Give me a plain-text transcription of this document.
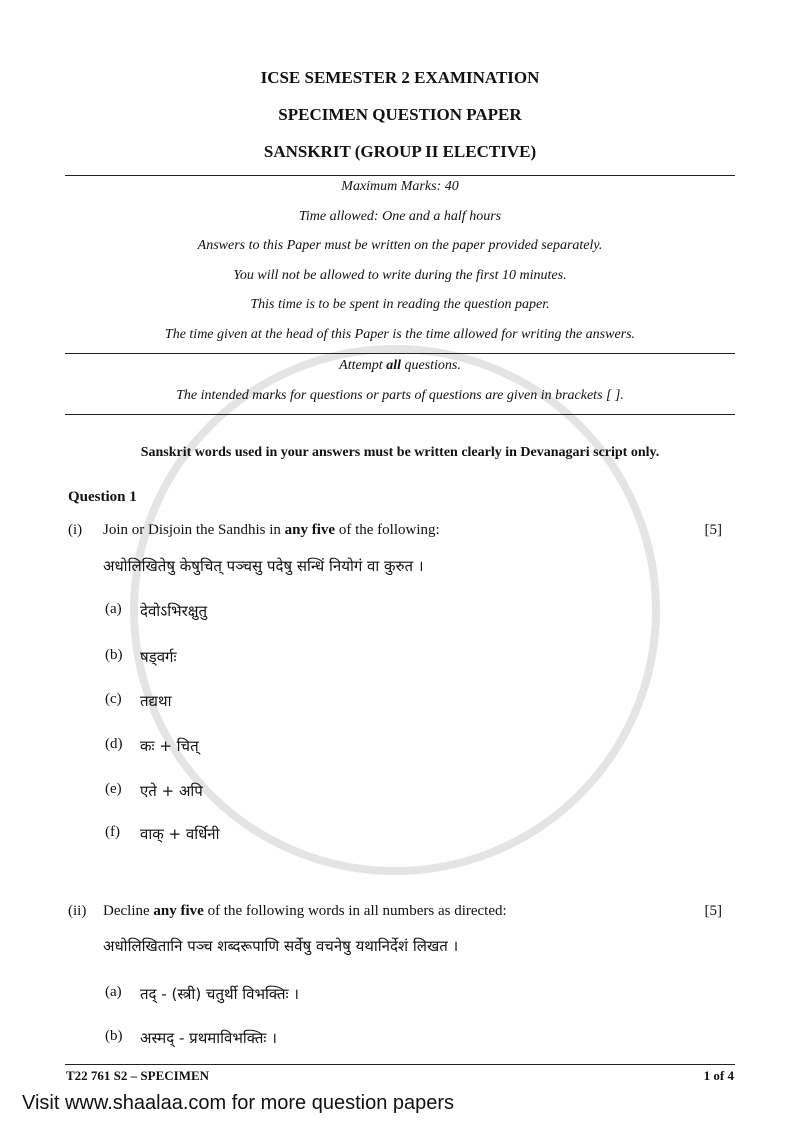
ICSE SEMESTER 2 EXAMINATION
SPECIMEN QUESTION PAPER
SANSKRIT (GROUP II ELECTIVE)
Maximum Marks: 40
Time allowed: One and a half hours
Answers to this Paper must be written on the paper provided separately.
You will not be allowed to write during the first 10 minutes.
This time is to be spent in reading the question paper.
The time given at the head of this Paper is the time allowed for writing the answers.
Attempt all questions.
The intended marks for questions or parts of questions are given in brackets [ ].
Sanskrit words used in your answers must be written clearly in Devanagari script only.
Question 1
(i) Join or Disjoin the Sandhis in any five of the following:	[5]
अधोलिखितेषु केषुचित् पञ्चसु पदेषु सन्धिं नियोगं वा कुरुत ।
(a) देवोऽभिरक्षुतु
(b) षड्वर्गः
(c) तद्यथा
(d) कः + चित्
(e) एते + अपि
(f) वाक् + वर्धिनी
(ii) Decline any five of the following words in all numbers as directed:	[5]
अधोलिखितानि पञ्च शब्दरूपाणि सर्वेषु वचनेषु यथानिर्देशं लिखत ।
(a) तद् - (स्त्री) चतुर्थी विभक्तिः ।
(b) अस्मद् - प्रथमाविभक्तिः ।
T22 761 S2 – SPECIMEN	1 of 4
Visit www.shaalaa.com for more question papers
